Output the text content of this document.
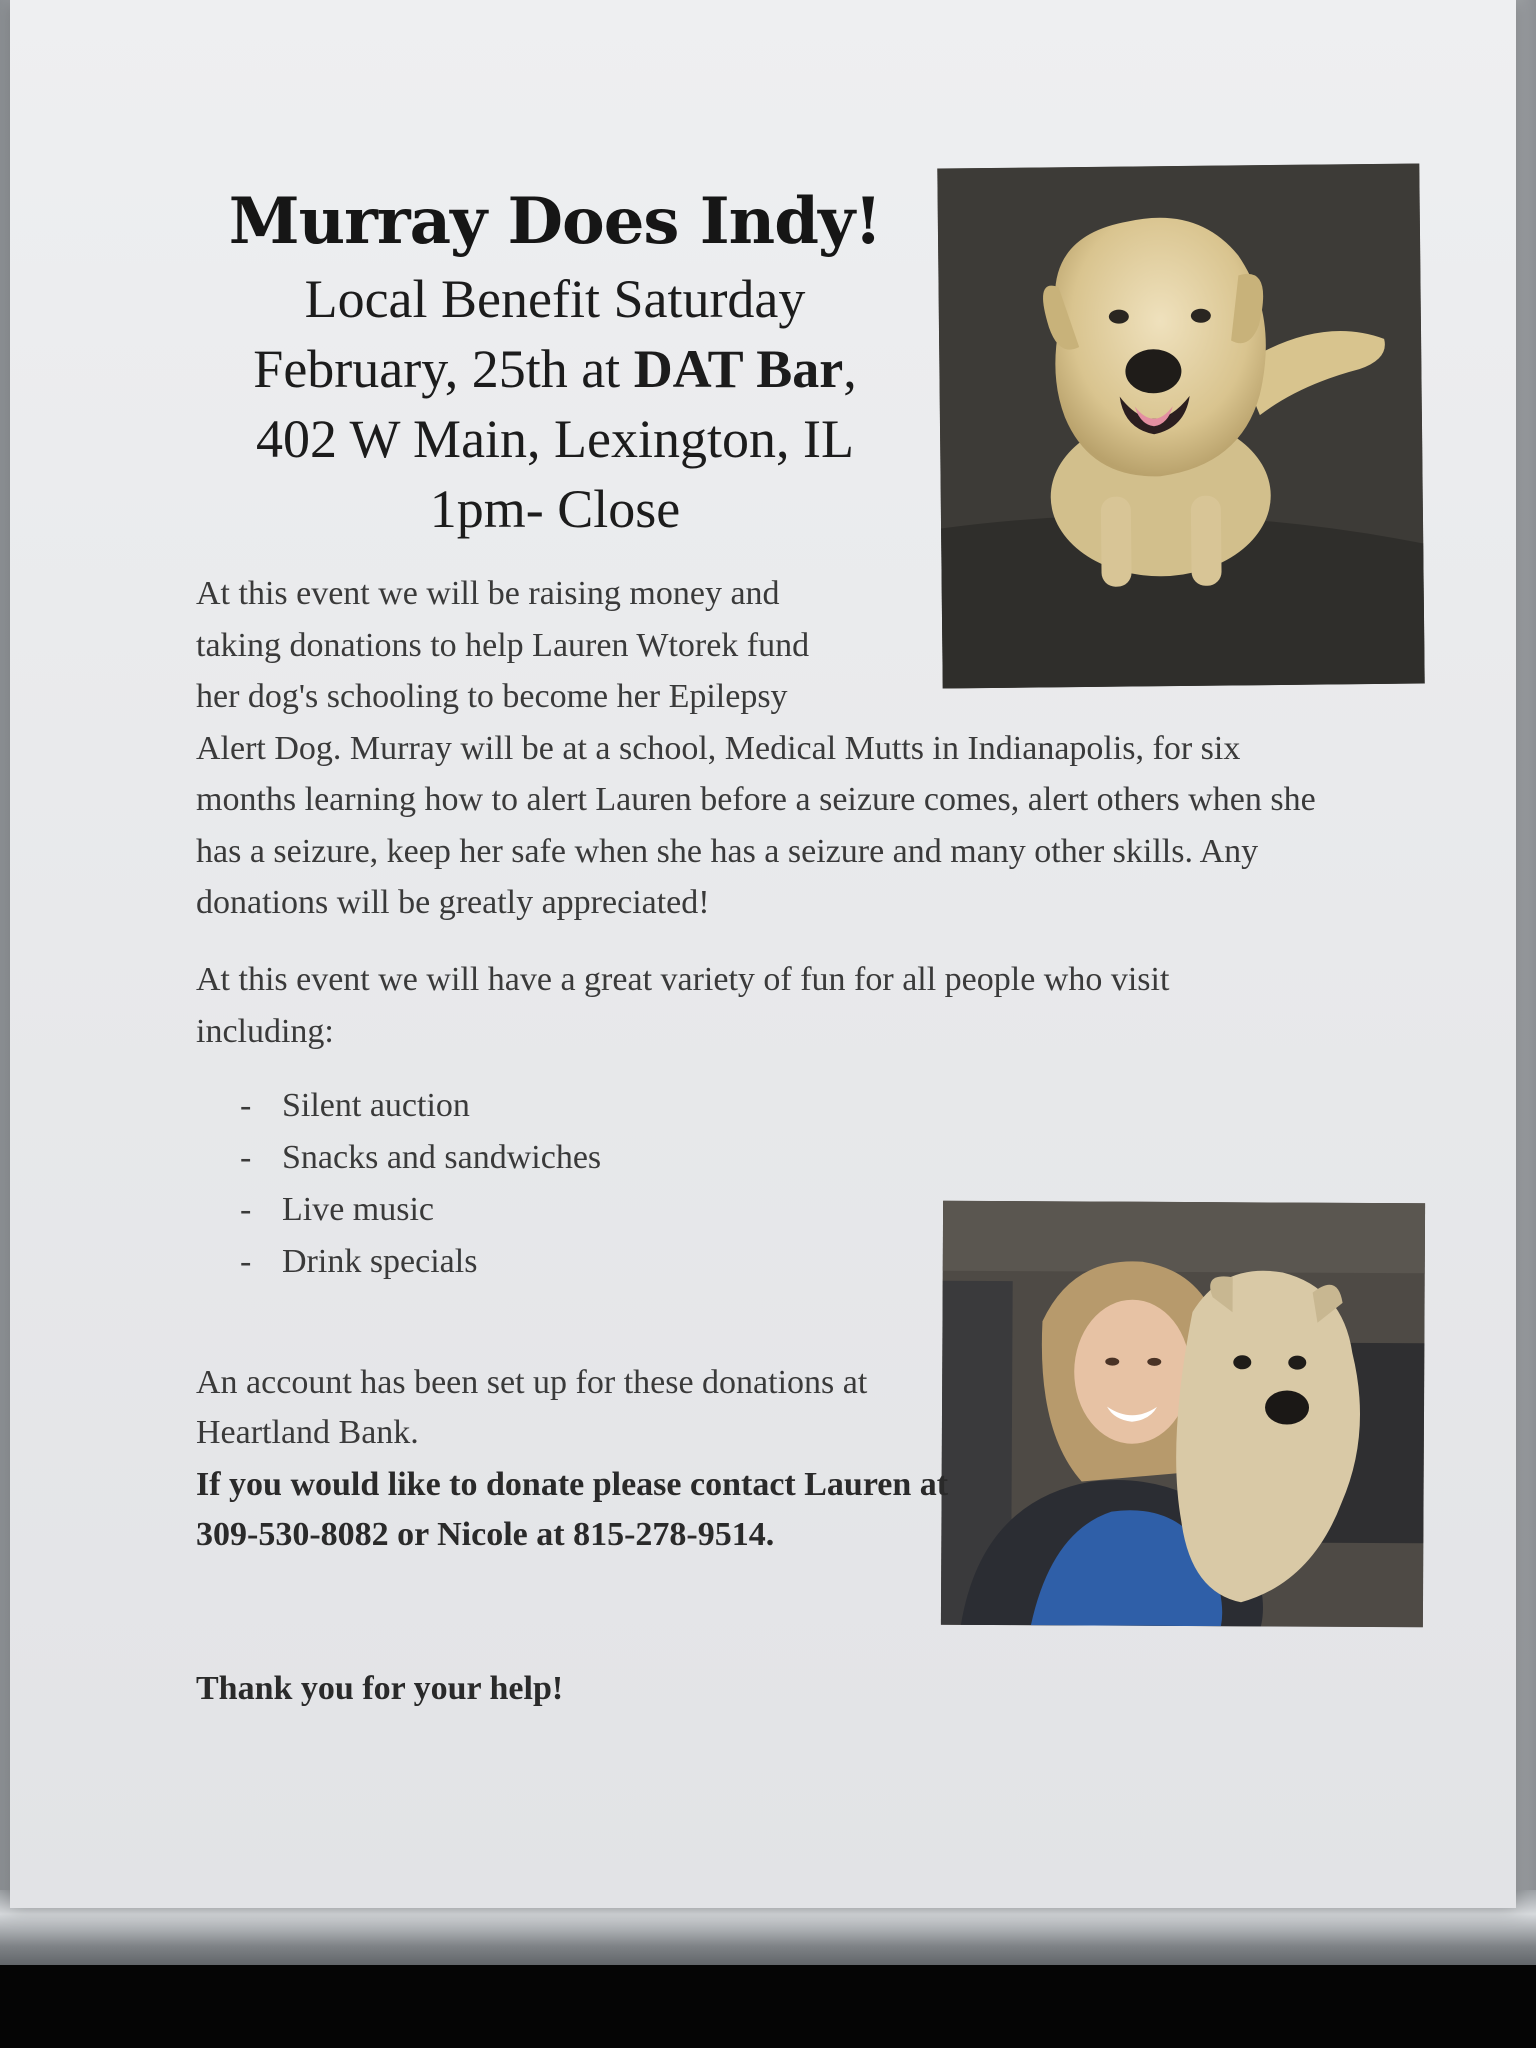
Murray Does Indy!

Local Benefit Saturday

February, 25th at DAT Bar,

402 W Main, Lexington, IL

1pm- Close

At this event we will be raising money and
taking donations to help Lauren Wtorek fund
her dog's schooling to become her Epilepsy
Alert Dog. Murray will be at a school, Medical Mutts in Indianapolis, for six months learning how to alert Lauren before a seizure comes, alert others when she has a seizure, keep her safe when she has a seizure and many other skills. Any donations will be greatly appreciated!

At this event we will have a great variety of fun for all people who visit including:

- Silent auction
- Snacks and sandwiches
- Live music
- Drink specials

An account has been set up for these donations at Heartland Bank.

If you would like to donate please contact Lauren at 309-530-8082 or Nicole at 815-278-9514.

Thank you for your help!
